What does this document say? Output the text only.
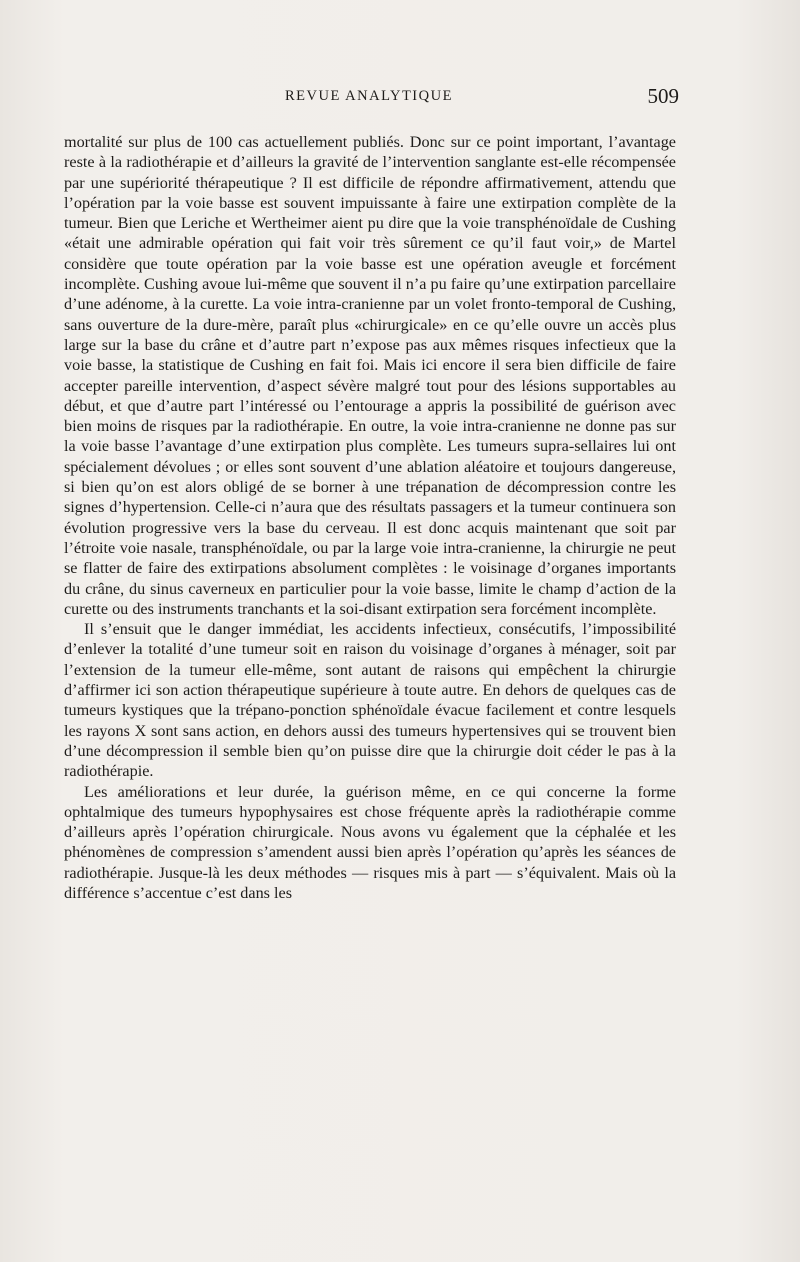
REVUE ANALYTIQUE	509

mortalité sur plus de 100 cas actuellement publiés. Donc sur ce point important, l’avantage reste à la radiothérapie et d’ailleurs la gravité de l’intervention sanglante est-elle récompensée par une supériorité thérapeutique ? Il est difficile de répondre affirmativement, attendu que l’opération par la voie basse est souvent impuissante à faire une extirpation complète de la tumeur. Bien que Leriche et Wertheimer aient pu dire que la voie transphénoïdale de Cushing «était une admirable opération qui fait voir très sûrement ce qu’il faut voir,» de Martel considère que toute opération par la voie basse est une opération aveugle et forcément incomplète. Cushing avoue lui-même que souvent il n’a pu faire qu’une extirpation parcellaire d’une adénome, à la curette. La voie intra-cranienne par un volet fronto-temporal de Cushing, sans ouverture de la dure-mère, paraît plus «chirurgicale» en ce qu’elle ouvre un accès plus large sur la base du crâne et d’autre part n’expose pas aux mêmes risques infectieux que la voie basse, la statistique de Cushing en fait foi. Mais ici encore il sera bien difficile de faire accepter pareille intervention, d’aspect sévère malgré tout pour des lésions supportables au début, et que d’autre part l’intéressé ou l’entourage a appris la possibilité de guérison avec bien moins de risques par la radiothérapie. En outre, la voie intra-cranienne ne donne pas sur la voie basse l’avantage d’une extirpation plus complète. Les tumeurs supra-sellaires lui ont spécialement dévolues ; or elles sont souvent d’une ablation aléatoire et toujours dangereuse, si bien qu’on est alors obligé de se borner à une trépanation de décompression contre les signes d’hypertension. Celle-ci n’aura que des résultats passagers et la tumeur continuera son évolution progressive vers la base du cerveau. Il est donc acquis maintenant que soit par l’étroite voie nasale, transphénoïdale, ou par la large voie intra-cranienne, la chirurgie ne peut se flatter de faire des extirpations absolument complètes : le voisinage d’organes importants du crâne, du sinus caverneux en particulier pour la voie basse, limite le champ d’action de la curette ou des instruments tranchants et la soi-disant extirpation sera forcément incomplète.

Il s’ensuit que le danger immédiat, les accidents infectieux, consécutifs, l’impossibilité d’enlever la totalité d’une tumeur soit en raison du voisinage d’organes à ménager, soit par l’extension de la tumeur elle-même, sont autant de raisons qui empêchent la chirurgie d’affirmer ici son action thérapeutique supérieure à toute autre. En dehors de quelques cas de tumeurs kystiques que la trépano-ponction sphénoïdale évacue facilement et contre lesquels les rayons X sont sans action, en dehors aussi des tumeurs hypertensives qui se trouvent bien d’une décompression il semble bien qu’on puisse dire que la chirurgie doit céder le pas à la radiothérapie.

Les améliorations et leur durée, la guérison même, en ce qui concerne la forme ophtalmique des tumeurs hypophysaires est chose fréquente après la radiothérapie comme d’ailleurs après l’opération chirurgicale. Nous avons vu également que la céphalée et les phénomènes de compression s’amendent aussi bien après l’opération qu’après les séances de radiothérapie. Jusque-là les deux méthodes — risques mis à part — s’équivalent. Mais où la différence s’accentue c’est dans les
